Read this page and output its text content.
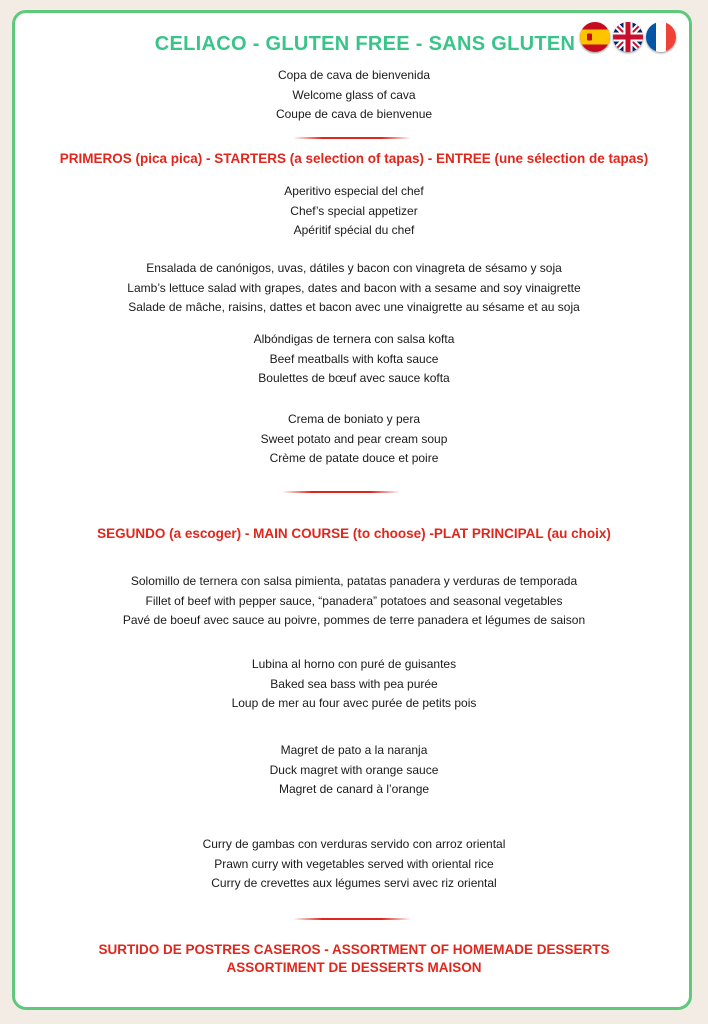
CELIACO - GLUTEN FREE - SANS GLUTEN
Copa de cava de bienvenida
Welcome glass of cava
Coupe de cava de bienvenue
PRIMEROS (pica pica) - STARTERS (a selection of tapas) - ENTREE (une sélection de tapas)
Aperitivo especial del chef
Chef’s special appetizer
Apéritif spécial du chef
Ensalada de canónigos, uvas, dátiles y bacon con vinagreta de sésamo y soja
Lamb’s lettuce salad with grapes, dates and bacon with a sesame and soy vinaigrette
Salade de mâche, raisins, dattes et bacon avec une vinaigrette au sésame et au soja
Albóndigas de ternera con salsa kofta
Beef meatballs with kofta sauce
Boulettes de bœuf avec sauce kofta
Crema de boniato y pera
Sweet potato and pear cream soup
Crème de patate douce et poire
SEGUNDO (a escoger) - MAIN COURSE (to choose) -PLAT PRINCIPAL (au choix)
Solomillo de ternera con salsa pimienta, patatas panadera y verduras de temporada
Fillet of beef with pepper sauce, “panadera” potatoes and seasonal vegetables
Pavé de boeuf avec sauce au poivre, pommes de terre panadera et légumes de saison
Lubina al horno con puré de guisantes
Baked sea bass with pea purée
Loup de mer au four avec purée de petits pois
Magret de pato a la naranja
Duck magret with orange sauce
Magret de canard à l’orange
Curry de gambas con verduras servido con arroz oriental
Prawn curry with vegetables served with oriental rice
Curry de crevettes aux légumes servi avec riz oriental
SURTIDO DE POSTRES CASEROS - ASSORTMENT OF HOMEMADE DESSERTS
ASSORTIMENT DE DESSERTS MAISON
